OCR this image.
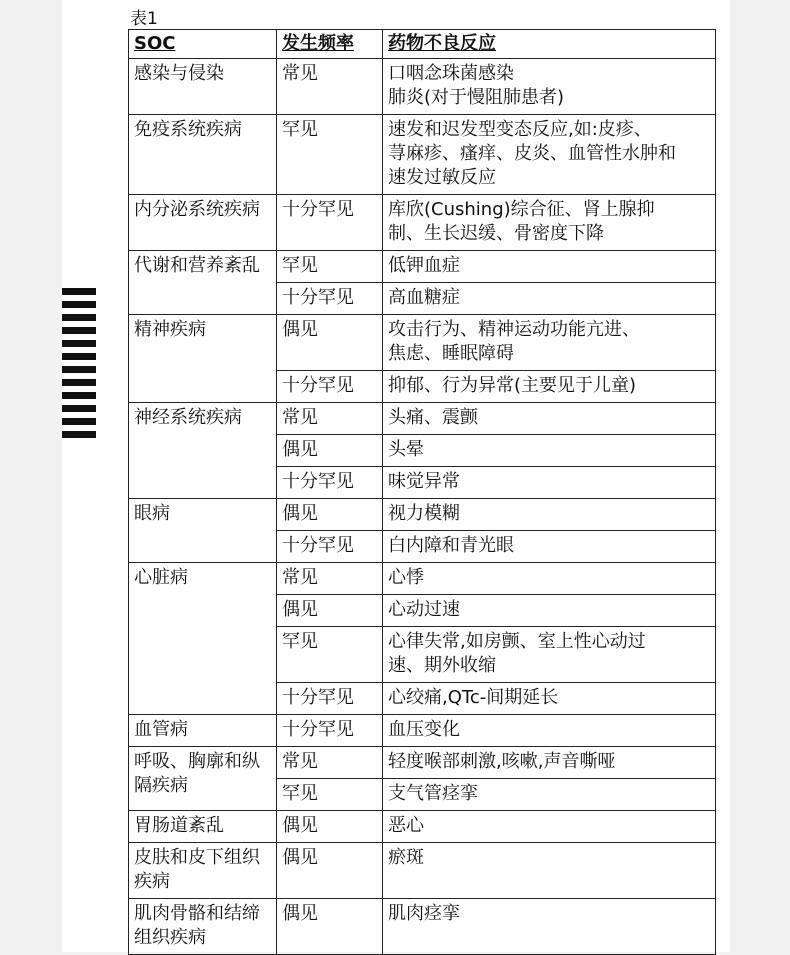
表1
SOC	发生频率	药物不良反应
感染与侵染	常见	口咽念珠菌感染
肺炎(对于慢阻肺患者)

免疫系统疾病	罕见	速发和迟发型变态反应,如:皮疹、
荨麻疹、瘙痒、皮炎、血管性水肿和
速发过敏反应

内分泌系统疾病	十分罕见	库欣(Cushing)综合征、肾上腺抑
制、生长迟缓、骨密度下降

代谢和营养紊乱	罕见	低钾血症

	十分罕见	高血糖症

精神疾病	偶见	攻击行为、精神运动功能亢进、
焦虑、睡眠障碍

	十分罕见	抑郁、行为异常(主要见于儿童)

神经系统疾病	常见	头痛、震颤

	偶见	头晕

	十分罕见	味觉异常

眼病	偶见	视力模糊

	十分罕见	白内障和青光眼

心脏病	常见	心悸

	偶见	心动过速

	罕见	心律失常,如房颤、室上性心动过
速、期外收缩

	十分罕见	心绞痛,QTc-间期延长

血管病	十分罕见	血压变化

呼吸、胸廓和纵隔疾病	常见	轻度喉部刺激,咳嗽,声音嘶哑

	罕见	支气管痉挛

胃肠道紊乱	偶见	恶心

皮肤和皮下组织疾病	偶见	瘀斑

肌肉骨骼和结缔组织疾病	偶见	肌肉痉挛
